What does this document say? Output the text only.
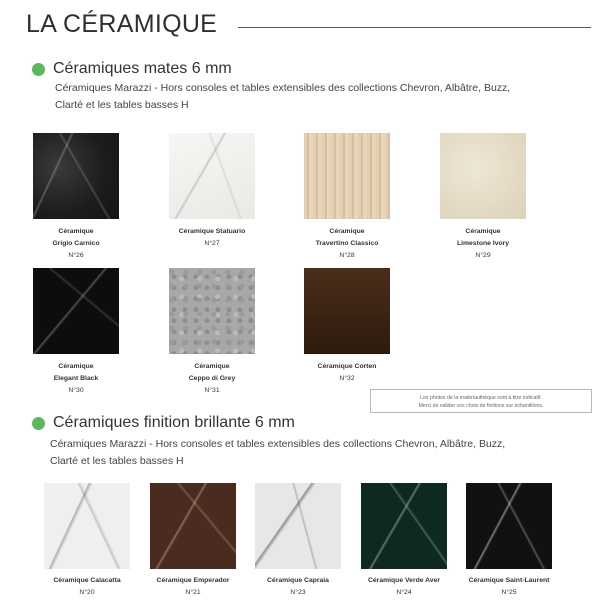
LA CÉRAMIQUE
Céramiques mates 6 mm
Céramiques Marazzi - Hors consoles et tables extensibles des collections Chevron, Albâtre, Buzz,
Clarté et les tables basses H
Céramique
Grigio Carnico
N°26
Céramique Statuario
N°27
Céramique
Travertino Classico
N°28
Céramique
Limestone Ivory
N°29
Céramique
Elegant Black
N°30
Céramique
Ceppo di Grey
N°31
Céramique Corten
N°32
Les photos de la matériauthèque sont à titre indicatif.
Merci de valider vos choix de finitions sur échantillons.
Céramiques finition brillante 6 mm
Céramiques Marazzi - Hors consoles et tables extensibles des collections Chevron, Albâtre, Buzz,
Clarté et les tables basses H
Céramique Calacatta
N°20
Céramique Emperador
N°21
Céramique Capraia
N°23
Céramique Verde Aver
N°24
Céramique Saint-Laurent
N°25
